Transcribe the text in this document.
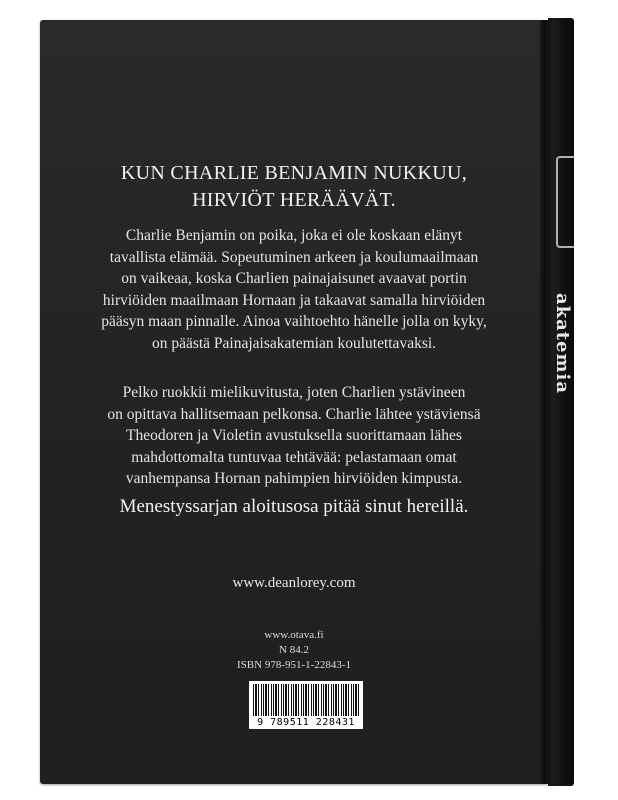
akatemia
KUN CHARLIE BENJAMIN NUKKUU,
HIRVIÖT HERÄÄVÄT.
Charlie Benjamin on poika, joka ei ole koskaan elänyt
tavallista elämää. Sopeutuminen arkeen ja koulumaailmaan
on vaikeaa, koska Charlien painajaisunet avaavat portin
hirviöiden maailmaan Hornaan ja takaavat samalla hirviöiden
pääsyn maan pinnalle. Ainoa vaihtoehto hänelle jolla on kyky,
on päästä Painajaisakatemian koulutettavaksi.
Pelko ruokkii mielikuvitusta, joten Charlien ystävineen
on opittava hallitsemaan pelkonsa. Charlie lähtee ystäviensä
Theodoren ja Violetin avustuksella suorittamaan lähes
mahdottomalta tuntuvaa tehtävää: pelastamaan omat
vanhempansa Hornan pahimpien hirviöiden kimpusta.
Menestyssarjan aloitusosa pitää sinut hereillä.
www.deanlorey.com
www.otava.fi
N 84.2
ISBN 978-951-1-22843-1
9 789511 228431
